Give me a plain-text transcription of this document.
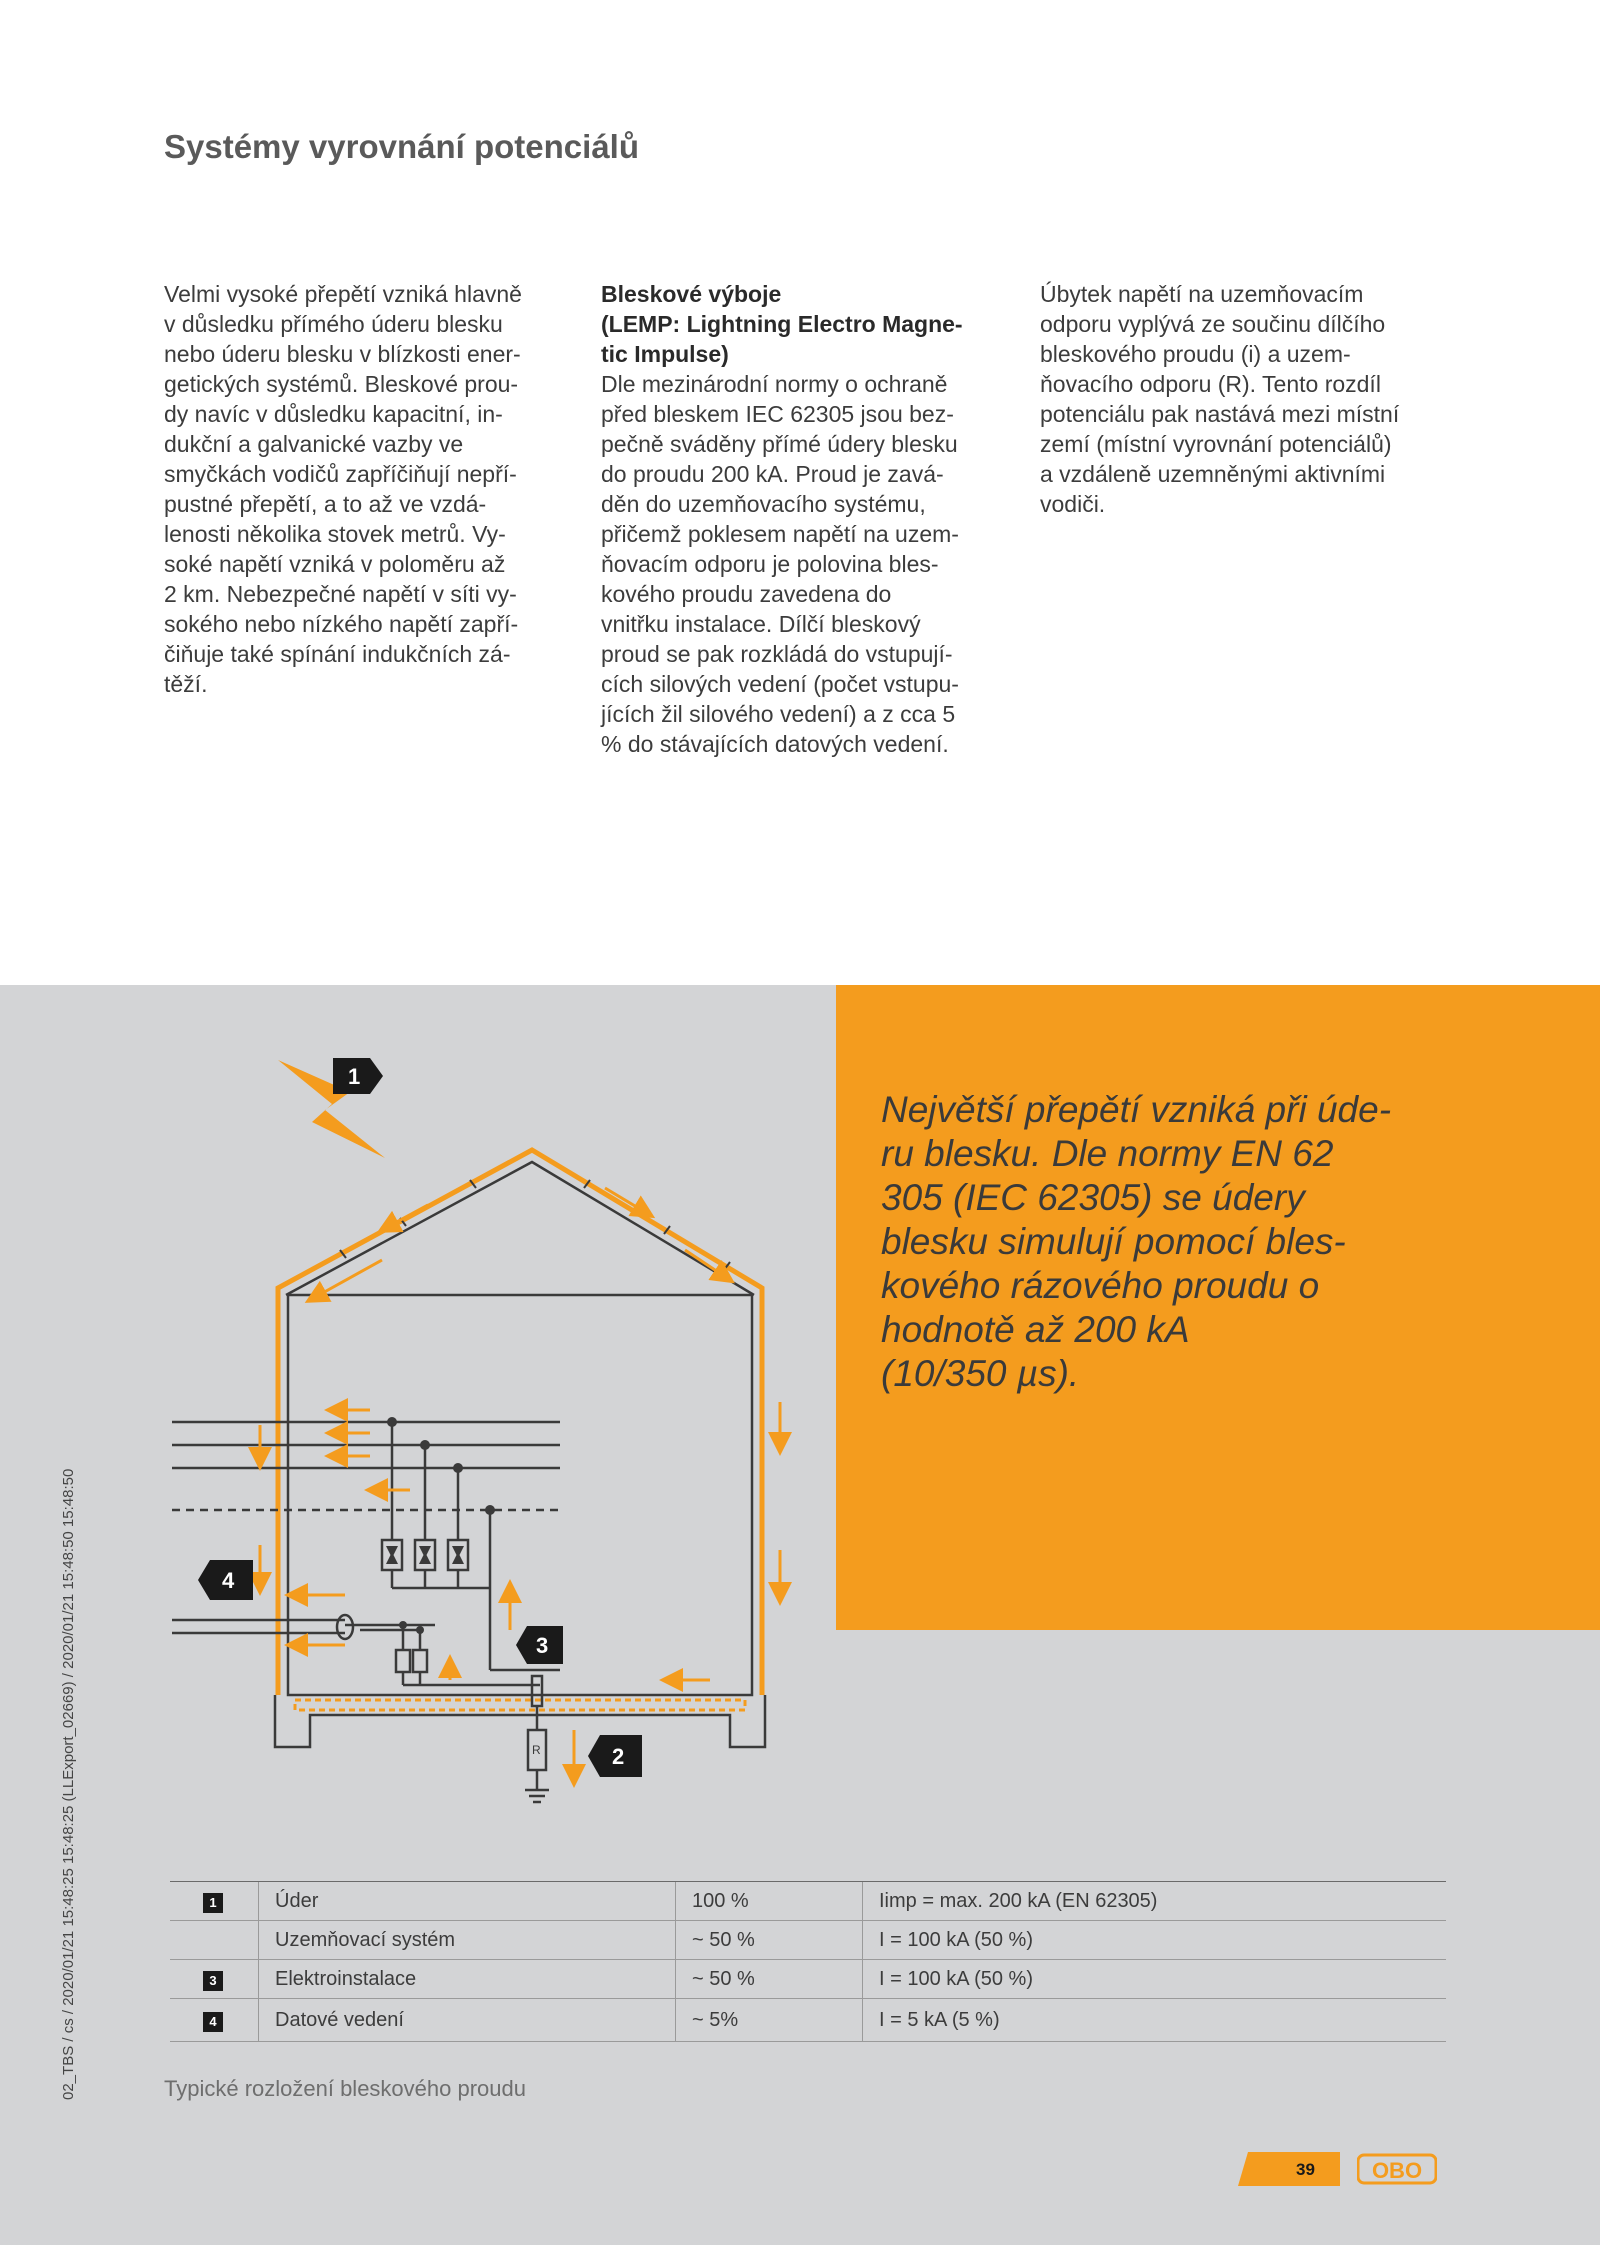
Systémy vyrovnání potenciálů

Velmi vysoké přepětí vzniká hlavně

v důsledku přímého úderu blesku

nebo úderu blesku v blízkosti ener-

getických systémů. Bleskové prou-

dy navíc v důsledku kapacitní, in-

dukční a galvanické vazby ve

smyčkách vodičů zapříčiňují nepří-

pustné přepětí, a to až ve vzdá-

lenosti několika stovek metrů. Vy-

soké napětí vzniká v poloměru až

2 km. Nebezpečné napětí v síti vy-

sokého nebo nízkého napětí zapří-

čiňuje také spínání indukčních zá-

těží.

Bleskové výboje

(LEMP: Lightning Electro Magne-

tic Impulse)

Dle mezinárodní normy o ochraně

před bleskem IEC 62305 jsou bez-

pečně sváděny přímé údery blesku

do proudu 200 kA. Proud je zavá-

děn do uzemňovacího systému,

přičemž poklesem napětí na uzem-

ňovacím odporu je polovina bles-

kového proudu zavedena do

vnitřku instalace. Dílčí bleskový

proud se pak rozkládá do vstupují-

cích silových vedení (počet vstupu-

jících žil silového vedení) a z cca 5

% do stávajících datových vedení.

Úbytek napětí na uzemňovacím

odporu vyplývá ze součinu dílčího

bleskového proudu (i) a uzem-

ňovacího odporu (R). Tento rozdíl

potenciálu pak nastává mezi místní

zemí (místní vyrovnání potenciálů)

a vzdáleně uzemněnými aktivními

vodiči.

Největší přepětí vzniká při úde-

ru blesku. Dle normy EN 62

305 (IEC 62305) se údery

blesku simulují pomocí bles-

kového rázového proudu o

hodnotě až 200 kA

(10/350 µs).

R
1
4
3
2
1	Úder	100 %	Iimp = max. 200 kA (EN 62305)
	Uzemňovací systém	~ 50 %	I = 100 kA (50 %)
3	Elektroinstalace	~ 50 %	I = 100 kA (50 %)
4	Datové vedení	~ 5%	I = 5 kA (5 %)

Typické rozložení bleskového proudu

02_TBS / cs / 2020/01/21 15:48:25 15:48:25 (LLExport_02669) / 2020/01/21 15:48:50 15:48:50
39	OBO
